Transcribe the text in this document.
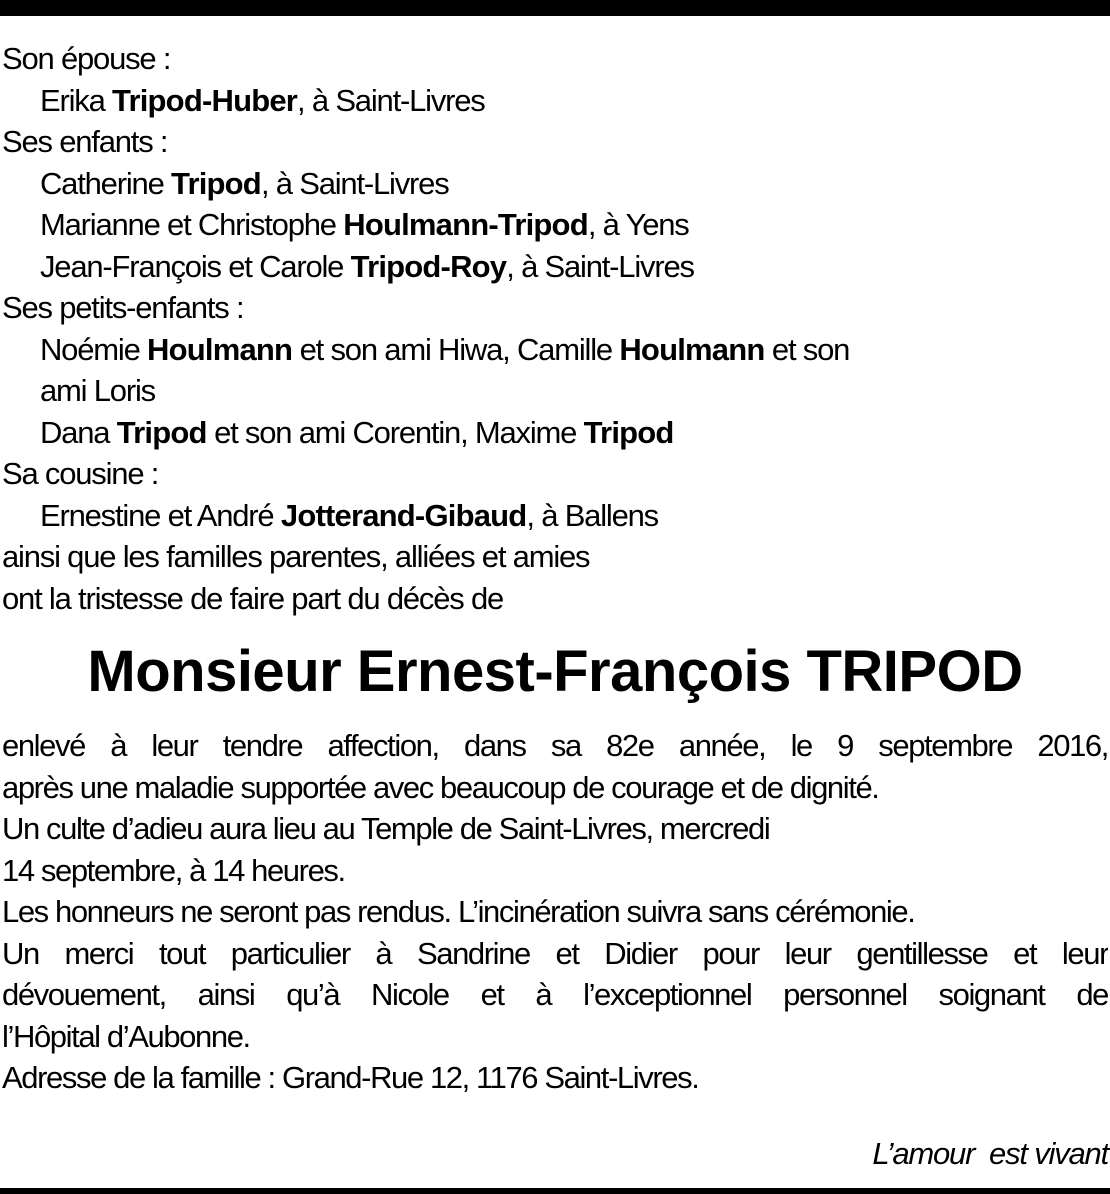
Son épouse :
Erika Tripod-Huber, à Saint-Livres
Ses enfants :
Catherine Tripod, à Saint-Livres
Marianne et Christophe Houlmann-Tripod, à Yens
Jean-François et Carole Tripod-Roy, à Saint-Livres
Ses petits-enfants :
Noémie Houlmann et son ami Hiwa, Camille Houlmann et son
ami Loris
Dana Tripod et son ami Corentin, Maxime Tripod
Sa cousine :
Ernestine et André Jotterand-Gibaud, à Ballens
ainsi que les familles parentes, alliées et amies
ont la tristesse de faire part du décès de
Monsieur Ernest-François TRIPOD
enlevé à leur tendre affection, dans sa 82e année, le 9 septembre 2016,
après une maladie supportée avec beaucoup de courage et de dignité.
Un culte d’adieu aura lieu au Temple de Saint-Livres, mercredi
14 septembre, à 14 heures.
Les honneurs ne seront pas rendus. L’incinération suivra sans cérémonie.
Un merci tout particulier à Sandrine et Didier pour leur gentillesse et leur
dévouement, ainsi qu’à Nicole et à l’exceptionnel personnel soignant de
l’Hôpital d’Aubonne.
Adresse de la famille : Grand-Rue 12, 1176 Saint-Livres.
L’amour  est vivant
